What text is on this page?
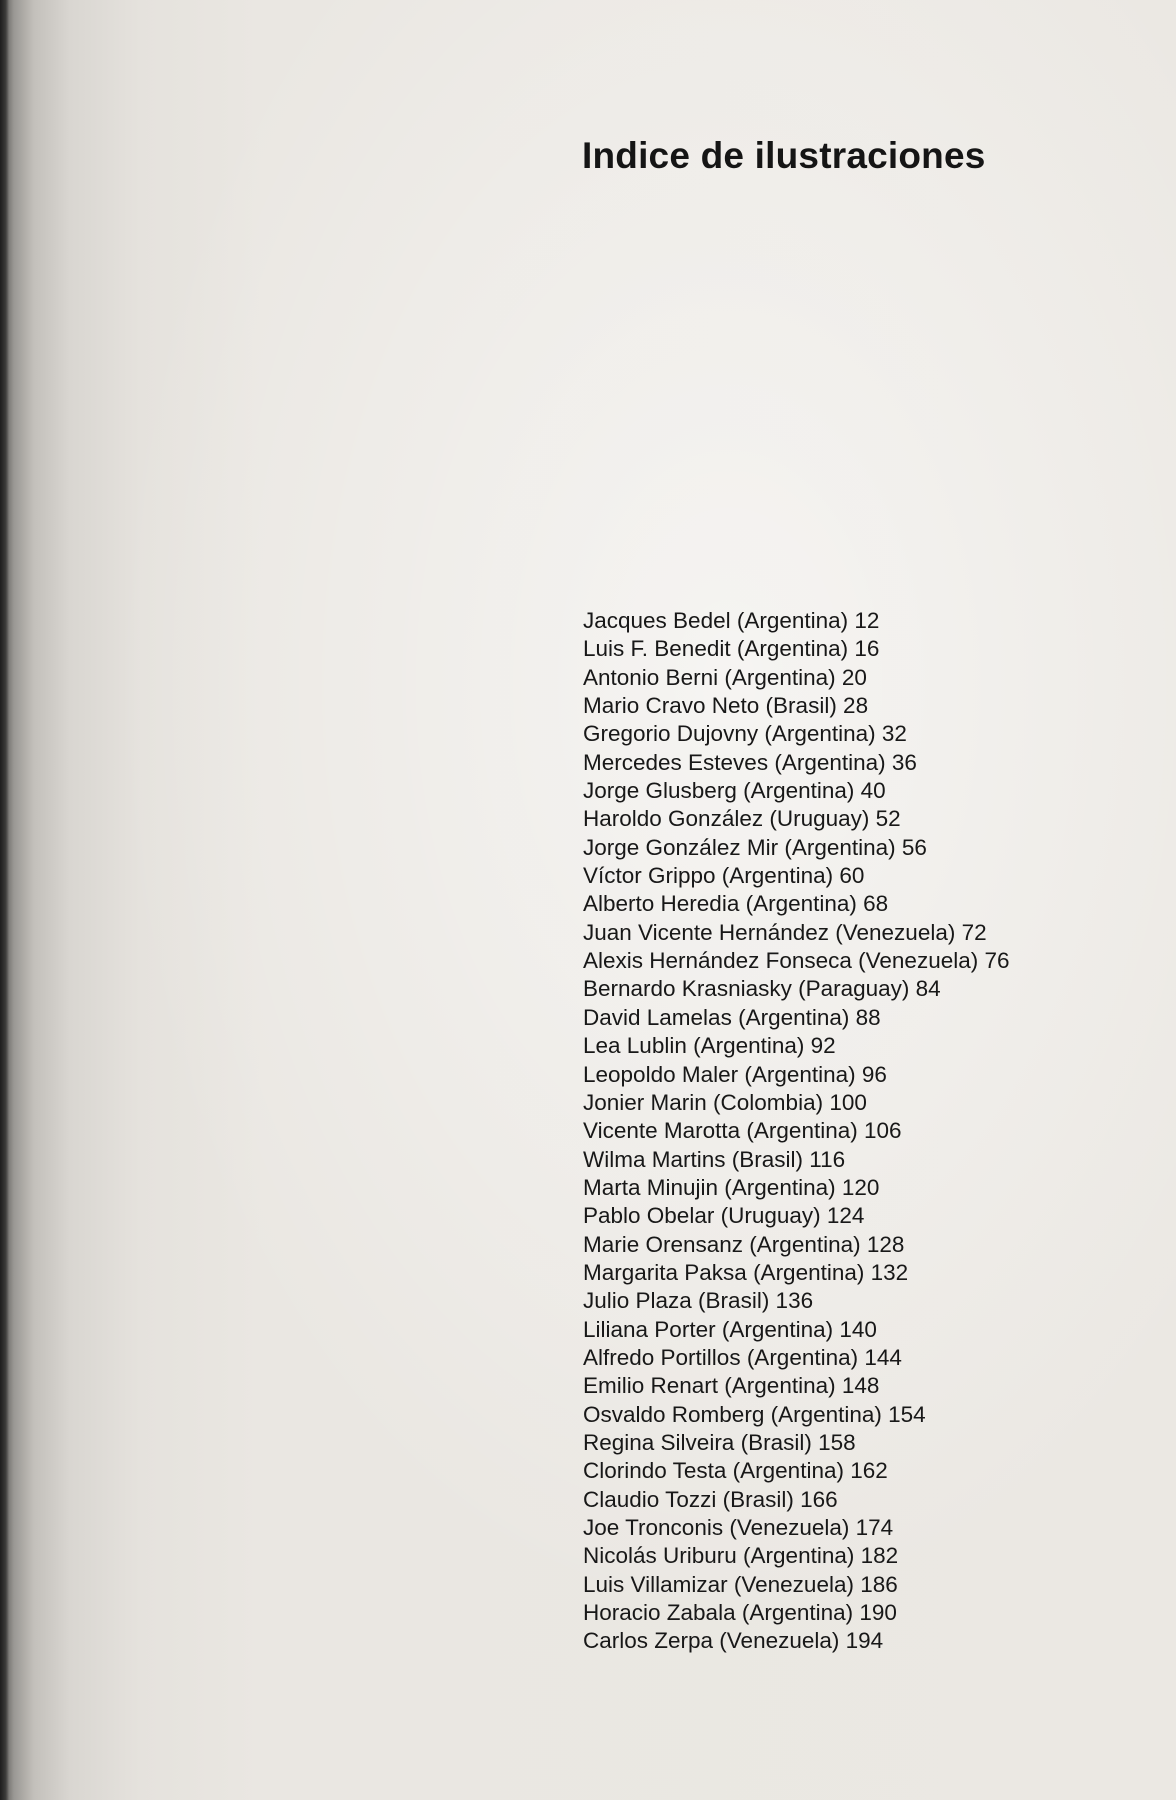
Indice de ilustraciones
Jacques Bedel (Argentina) 12
Luis F. Benedit (Argentina) 16
Antonio Berni (Argentina) 20
Mario Cravo Neto (Brasil) 28
Gregorio Dujovny (Argentina) 32
Mercedes Esteves (Argentina) 36
Jorge Glusberg (Argentina) 40
Haroldo González (Uruguay) 52
Jorge González Mir (Argentina) 56
Víctor Grippo (Argentina) 60
Alberto Heredia (Argentina) 68
Juan Vicente Hernández (Venezuela) 72
Alexis Hernández Fonseca (Venezuela) 76
Bernardo Krasniasky (Paraguay) 84
David Lamelas (Argentina) 88
Lea Lublin (Argentina) 92
Leopoldo Maler (Argentina) 96
Jonier Marin (Colombia) 100
Vicente Marotta (Argentina) 106
Wilma Martins (Brasil) 116
Marta Minujin (Argentina) 120
Pablo Obelar (Uruguay) 124
Marie Orensanz (Argentina) 128
Margarita Paksa (Argentina) 132
Julio Plaza (Brasil) 136
Liliana Porter (Argentina) 140
Alfredo Portillos (Argentina) 144
Emilio Renart (Argentina) 148
Osvaldo Romberg (Argentina) 154
Regina Silveira (Brasil) 158
Clorindo Testa (Argentina) 162
Claudio Tozzi (Brasil) 166
Joe Tronconis (Venezuela) 174
Nicolás Uriburu (Argentina) 182
Luis Villamizar (Venezuela) 186
Horacio Zabala (Argentina) 190
Carlos Zerpa (Venezuela) 194
